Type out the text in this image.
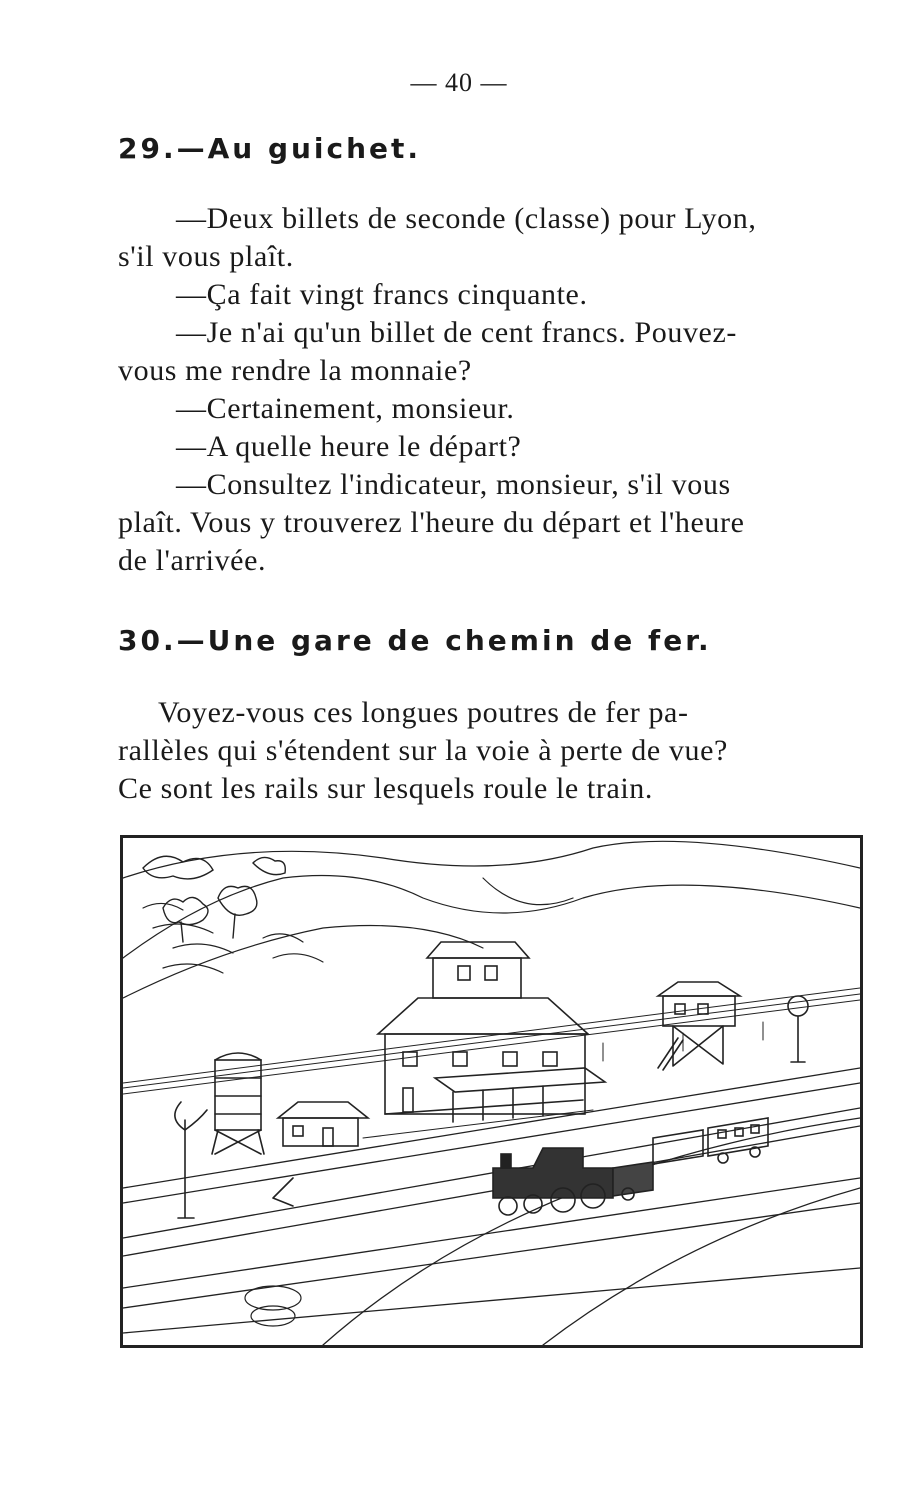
— 40 —
29.—Au guichet.
—Deux billets de seconde (classe) pour Lyon,
s'il vous plaît.
—Ça fait vingt francs cinquante.
—Je n'ai qu'un billet de cent francs. Pouvez-
vous me rendre la monnaie?
—Certainement, monsieur.
—A quelle heure le départ?
—Consultez l'indicateur, monsieur, s'il vous
plaît. Vous y trouverez l'heure du départ et l'heure
de l'arrivée.
30.—Une gare de chemin de fer.
Voyez-vous ces longues poutres de fer pa-
rallèles qui s'étendent sur la voie à perte de vue?
Ce sont les rails sur lesquels roule le train.
